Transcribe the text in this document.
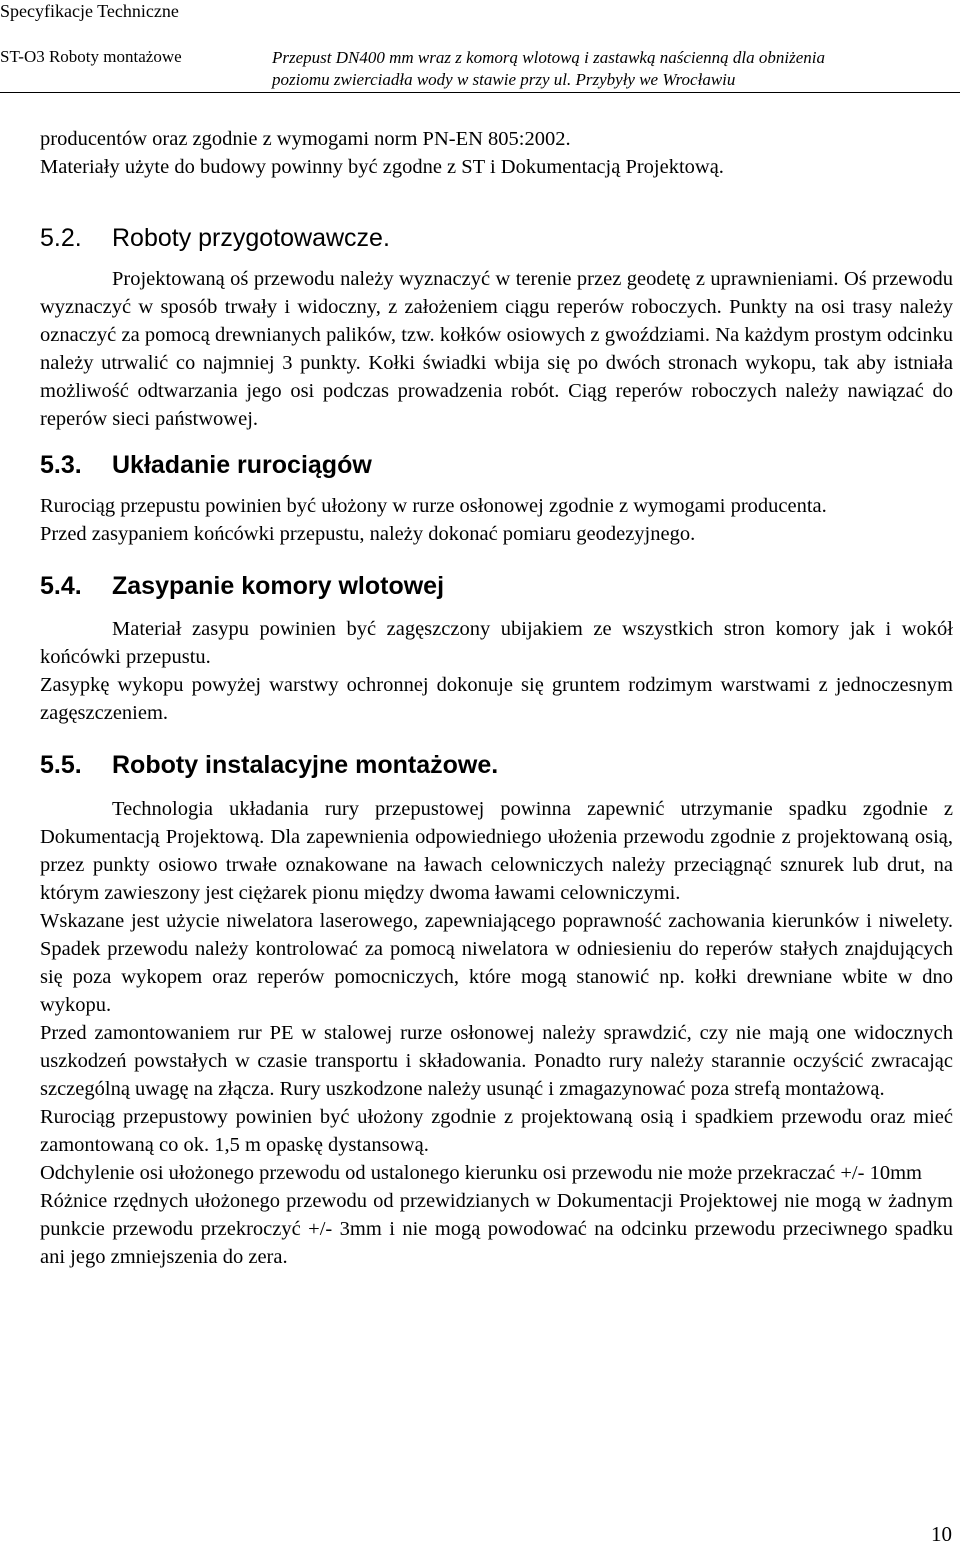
Specyfikacje Techniczne
ST-O3 Roboty montażowe	Przepust DN400 mm wraz z komorą wlotową i zastawką naścienną dla obniżenia
poziomu zwierciadła wody w stawie przy ul. Przybyły we Wrocławiu

producentów oraz zgodnie z wymogami norm PN-EN 805:2002.

Materiały użyte do budowy powinny być zgodne z ST i Dokumentacją Projektową.

5.2. Roboty przygotowawcze.

Projektowaną oś przewodu należy wyznaczyć w terenie przez geodetę z uprawnieniami. Oś przewodu wyznaczyć w sposób trwały i widoczny, z założeniem ciągu reperów roboczych. Punkty na osi trasy należy oznaczyć za pomocą drewnianych palików, tzw. kołków osiowych z gwoździami. Na każdym prostym odcinku należy utrwalić co najmniej 3 punkty. Kołki świadki wbija się po dwóch stronach wykopu, tak aby istniała możliwość odtwarzania jego osi podczas prowadzenia robót. Ciąg reperów roboczych należy nawiązać do reperów sieci państwowej.

5.3. Układanie rurociągów

Rurociąg przepustu powinien być ułożony w rurze osłonowej zgodnie z wymogami producenta.

Przed zasypaniem końcówki przepustu, należy dokonać pomiaru geodezyjnego.

5.4. Zasypanie komory wlotowej

Materiał zasypu powinien być zagęszczony ubijakiem ze wszystkich stron komory jak i wokół końcówki przepustu.

Zasypkę wykopu powyżej warstwy ochronnej dokonuje się gruntem rodzimym warstwami z jednoczesnym zagęszczeniem.

5.5. Roboty instalacyjne montażowe.

Technologia układania rury przepustowej powinna zapewnić utrzymanie spadku zgodnie z Dokumentacją Projektową. Dla zapewnienia odpowiedniego ułożenia przewodu zgodnie z projektowaną osią, przez punkty osiowo trwałe oznakowane na ławach celowniczych należy przeciągnąć sznurek lub drut, na którym zawieszony jest ciężarek pionu między dwoma ławami celowniczymi.

Wskazane jest użycie niwelatora laserowego, zapewniającego poprawność zachowania kierunków i niwelety. Spadek przewodu należy kontrolować za pomocą niwelatora w odniesieniu do reperów stałych znajdujących się poza wykopem oraz reperów pomocniczych, które mogą stanowić np. kołki drewniane wbite w dno wykopu.

Przed zamontowaniem rur PE w stalowej rurze osłonowej należy sprawdzić, czy nie mają one widocznych uszkodzeń powstałych w czasie transportu i składowania. Ponadto rury należy starannie oczyścić zwracając szczególną uwagę na złącza. Rury uszkodzone należy usunąć i zmagazynować poza strefą montażową.

Rurociąg przepustowy powinien być ułożony zgodnie z projektowaną osią i spadkiem przewodu oraz mieć zamontowaną co ok. 1,5 m opaskę dystansową.

Odchylenie osi ułożonego przewodu od ustalonego kierunku osi przewodu nie może przekraczać +/- 10mm

Różnice rzędnych ułożonego przewodu od przewidzianych w Dokumentacji Projektowej nie mogą w żadnym punkcie przewodu przekroczyć +/- 3mm i nie mogą powodować na odcinku przewodu przeciwnego spadku ani jego zmniejszenia do zera.

10
